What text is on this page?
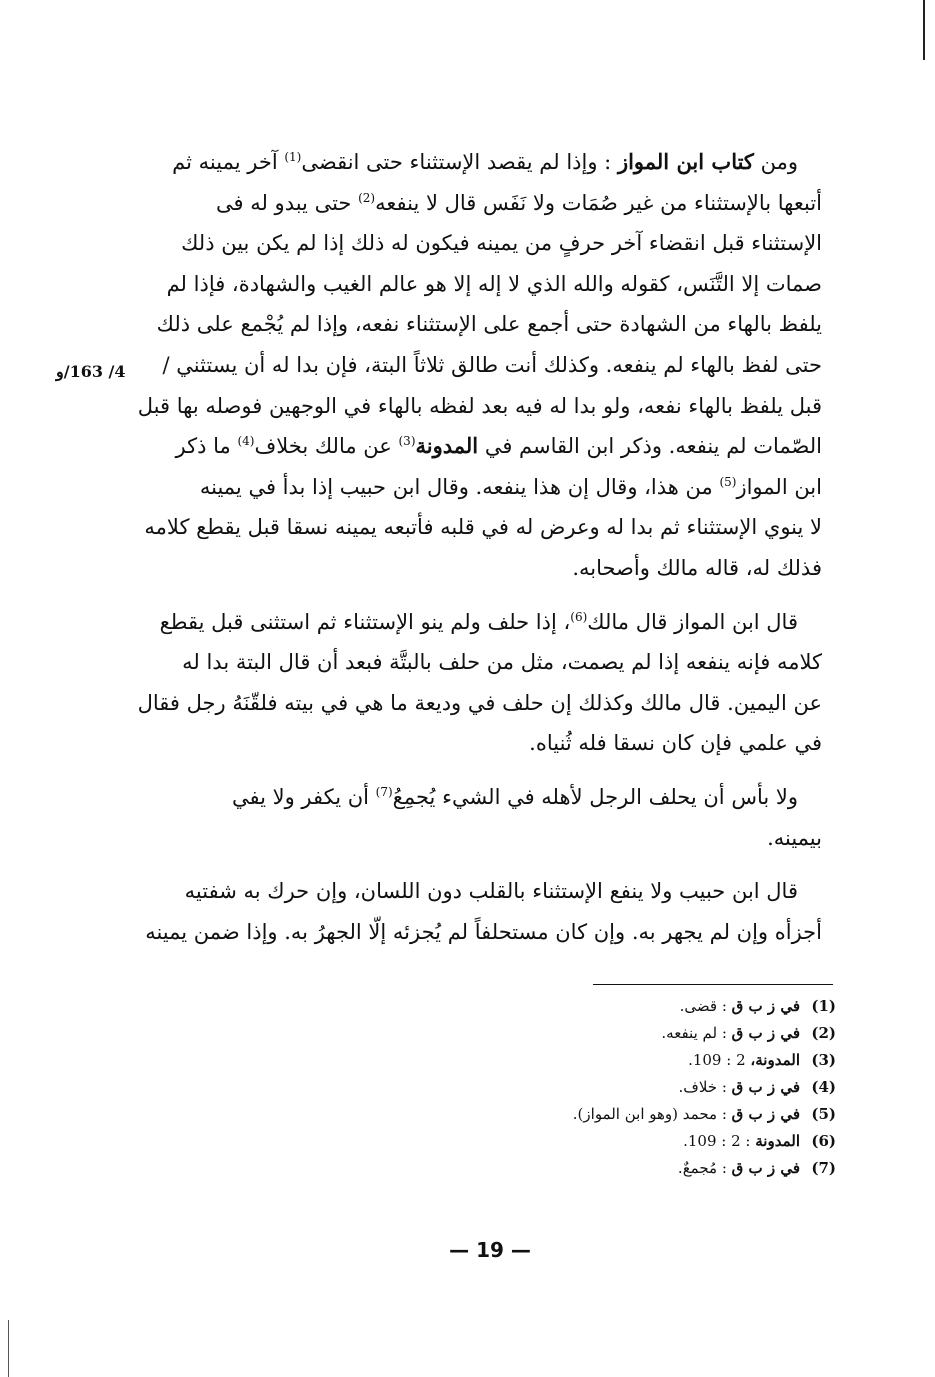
4/ 163/و
ومن كتاب ابن المواز : وإذا لم يقصد الإستثناء حتى انقضى$^{(1)}$ آخر يمينه ثم
أتبعها بالإستثناء من غير صُمَات ولا نَفَس قال لا ينفعه$^{(2)}$ حتى يبدو له فى
الإستثناء قبل انقضاء آخر حرفٍ من يمينه فيكون له ذلك إذا لم يكن بين ذلك
صمات إلا التَّنَس، كقوله والله الذي لا إله إلا هو عالم الغيب والشهادة، فإذا لم
يلفظ بالهاء من الشهادة حتى أجمع على الإستثناء نفعه، وإذا لم يُجْمع على ذلك
حتى لفظ بالهاء لم ينفعه. وكذلك أنت طالق ثلاثاً البتة، فإن بدا له أن يستثني /
قبل يلفظ بالهاء نفعه، ولو بدا له فيه بعد لفظه بالهاء في الوجهين فوصله بها قبل
الصّمات لم ينفعه. وذكر ابن القاسم في المدونة$^{(3)}$ عن مالك بخلاف$^{(4)}$ ما ذكر
ابن المواز$^{(5)}$ من هذا، وقال إن هذا ينفعه. وقال ابن حبيب إذا بدأ في يمينه
لا ينوي الإستثناء ثم بدا له وعرض له في قلبه فأتبعه يمينه نسقا قبل يقطع كلامه
فذلك له، قاله مالك وأصحابه.
قال ابن المواز قال مالك$^{(6)}$، إذا حلف ولم ينو الإستثناء ثم استثنى قبل يقطع
كلامه فإنه ينفعه إذا لم يصمت، مثل من حلف بالبتَّة فبعد أن قال البتة بدا له
عن اليمين. قال مالك وكذلك إن حلف في وديعة ما هي في بيته فلقّنَهُ رجل فقال
في علمي فإن كان نسقا فله ثُنياه.
ولا بأس أن يحلف الرجل لأهله في الشيء يُجمِعُ$^{(7)}$ أن يكفر ولا يفي
بيمينه.
قال ابن حبيب ولا ينفع الإستثناء بالقلب دون اللسان، وإن حرك به شفتيه
أجزأه وإن لم يجهر به. وإن كان مستحلفاً لم يُجزئه إلّا الجهرُ به. وإذا ضمن يمينه
(1)
في ز ب ق : قضى.
(2)
في ز ب ق : لم ينفعه.
(3)
المدونة، 2 : 109.
(4)
في ز ب ق : خلاف.
(5)
في ز ب ق : محمد (وهو ابن المواز).
(6)
المدونة : 2 : 109.
(7)
في ز ب ق : مُجمعٌ.
— 19 —
